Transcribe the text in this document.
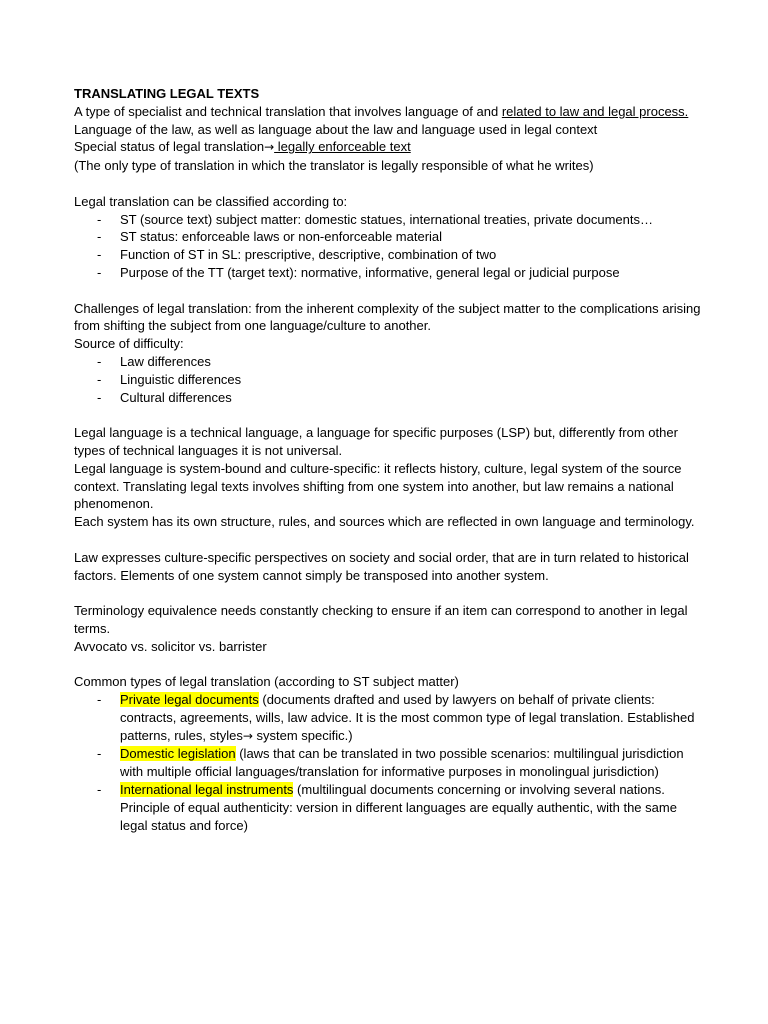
TRANSLATING LEGAL TEXTS

A type of specialist and technical translation that involves language of and related to law and legal process.

Language of the law, as well as language about the law and language used in legal context

Special status of legal translation→ legally enforceable text

(The only type of translation in which the translator is legally responsible of what he writes)

Legal translation can be classified according to:

- ST (source text) subject matter: domestic statues, international treaties, private documents…
- ST status: enforceable laws or non-enforceable material
- Function of ST in SL: prescriptive, descriptive, combination of two
- Purpose of the TT (target text): normative, informative, general legal or judicial purpose

Challenges of legal translation: from the inherent complexity of the subject matter to the complications arising from shifting the subject from one language/culture to another.

Source of difficulty:

- Law differences
- Linguistic differences
- Cultural differences

Legal language is a technical language, a language for specific purposes (LSP) but, differently from other types of technical languages it is not universal.

Legal language is system-bound and culture-specific: it reflects history, culture, legal system of the source context. Translating legal texts involves shifting from one system into another, but law remains a national phenomenon.

Each system has its own structure, rules, and sources which are reflected in own language and terminology.

Law expresses culture-specific perspectives on society and social order, that are in turn related to historical factors. Elements of one system cannot simply be transposed into another system.

Terminology equivalence needs constantly checking to ensure if an item can correspond to another in legal terms.

Avvocato vs. solicitor vs. barrister

Common types of legal translation (according to ST subject matter)

- Private legal documents (documents drafted and used by lawyers on behalf of private clients: contracts, agreements, wills, law advice. It is the most common type of legal translation. Established patterns, rules, styles→ system specific.)
- Domestic legislation (laws that can be translated in two possible scenarios: multilingual jurisdiction with multiple official languages/translation for informative purposes in monolingual jurisdiction)
- International legal instruments (multilingual documents concerning or involving several nations. Principle of equal authenticity: version in different languages are equally authentic, with the same legal status and force)
